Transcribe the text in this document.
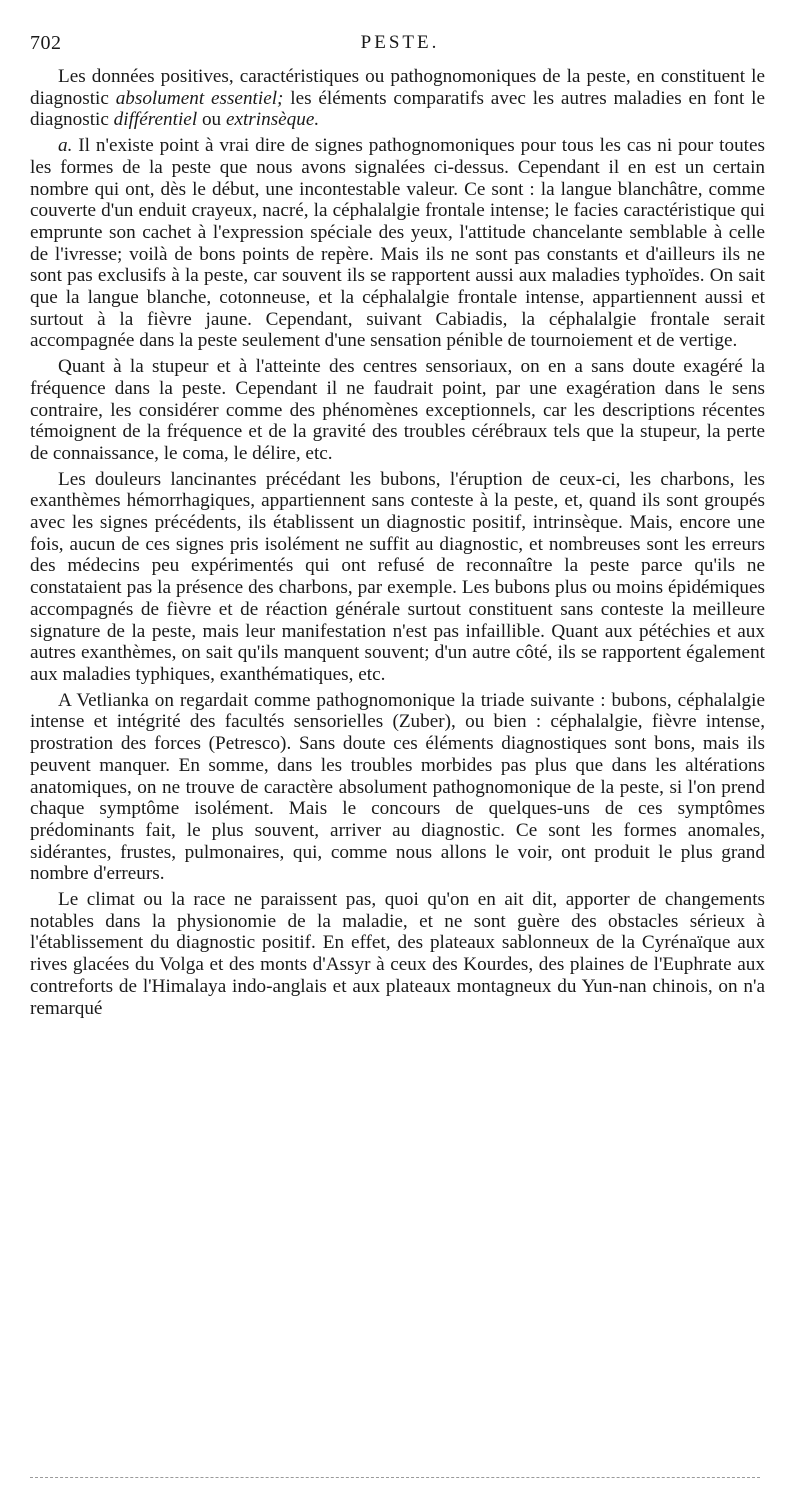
702	PESTE.

Les données positives, caractéristiques ou pathognomoniques de la peste, en constituent le diagnostic absolument essentiel; les éléments comparatifs avec les autres maladies en font le diagnostic différentiel ou extrinsèque.

a. Il n'existe point à vrai dire de signes pathognomoniques pour tous les cas ni pour toutes les formes de la peste que nous avons signalées ci-dessus. Cependant il en est un certain nombre qui ont, dès le début, une incontestable valeur. Ce sont : la langue blanchâtre, comme couverte d'un enduit crayeux, nacré, la céphalalgie frontale intense; le facies caractéristique qui emprunte son cachet à l'expression spéciale des yeux, l'attitude chancelante semblable à celle de l'ivresse; voilà de bons points de repère. Mais ils ne sont pas constants et d'ailleurs ils ne sont pas exclusifs à la peste, car souvent ils se rapportent aussi aux maladies typhoïdes. On sait que la langue blanche, cotonneuse, et la céphalalgie frontale intense, appartiennent aussi et surtout à la fièvre jaune. Cependant, suivant Cabiadis, la céphalalgie frontale serait accompagnée dans la peste seulement d'une sensation pénible de tournoiement et de vertige.

Quant à la stupeur et à l'atteinte des centres sensoriaux, on en a sans doute exagéré la fréquence dans la peste. Cependant il ne faudrait point, par une exagération dans le sens contraire, les considérer comme des phénomènes exceptionnels, car les descriptions récentes témoignent de la fréquence et de la gravité des troubles cérébraux tels que la stupeur, la perte de connaissance, le coma, le délire, etc.

Les douleurs lancinantes précédant les bubons, l'éruption de ceux-ci, les charbons, les exanthèmes hémorrhagiques, appartiennent sans conteste à la peste, et, quand ils sont groupés avec les signes précédents, ils établissent un diagnostic positif, intrinsèque. Mais, encore une fois, aucun de ces signes pris isolément ne suffit au diagnostic, et nombreuses sont les erreurs des médecins peu expérimentés qui ont refusé de reconnaître la peste parce qu'ils ne constataient pas la présence des charbons, par exemple. Les bubons plus ou moins épidémiques accompagnés de fièvre et de réaction générale surtout constituent sans conteste la meilleure signature de la peste, mais leur manifestation n'est pas infaillible. Quant aux pétéchies et aux autres exanthèmes, on sait qu'ils manquent souvent; d'un autre côté, ils se rapportent également aux maladies typhiques, exanthématiques, etc.

A Vetlianka on regardait comme pathognomonique la triade suivante : bubons, céphalalgie intense et intégrité des facultés sensorielles (Zuber), ou bien : céphalalgie, fièvre intense, prostration des forces (Petresco). Sans doute ces éléments diagnostiques sont bons, mais ils peuvent manquer. En somme, dans les troubles morbides pas plus que dans les altérations anatomiques, on ne trouve de caractère absolument pathognomonique de la peste, si l'on prend chaque symptôme isolément. Mais le concours de quelques-uns de ces symptômes prédominants fait, le plus souvent, arriver au diagnostic. Ce sont les formes anomales, sidérantes, frustes, pulmonaires, qui, comme nous allons le voir, ont produit le plus grand nombre d'erreurs.

Le climat ou la race ne paraissent pas, quoi qu'on en ait dit, apporter de changements notables dans la physionomie de la maladie, et ne sont guère des obstacles sérieux à l'établissement du diagnostic positif. En effet, des plateaux sablonneux de la Cyrénaïque aux rives glacées du Volga et des monts d'Assyr à ceux des Kourdes, des plaines de l'Euphrate aux contreforts de l'Himalaya indo-anglais et aux plateaux montagneux du Yun-nan chinois, on n'a remarqué
